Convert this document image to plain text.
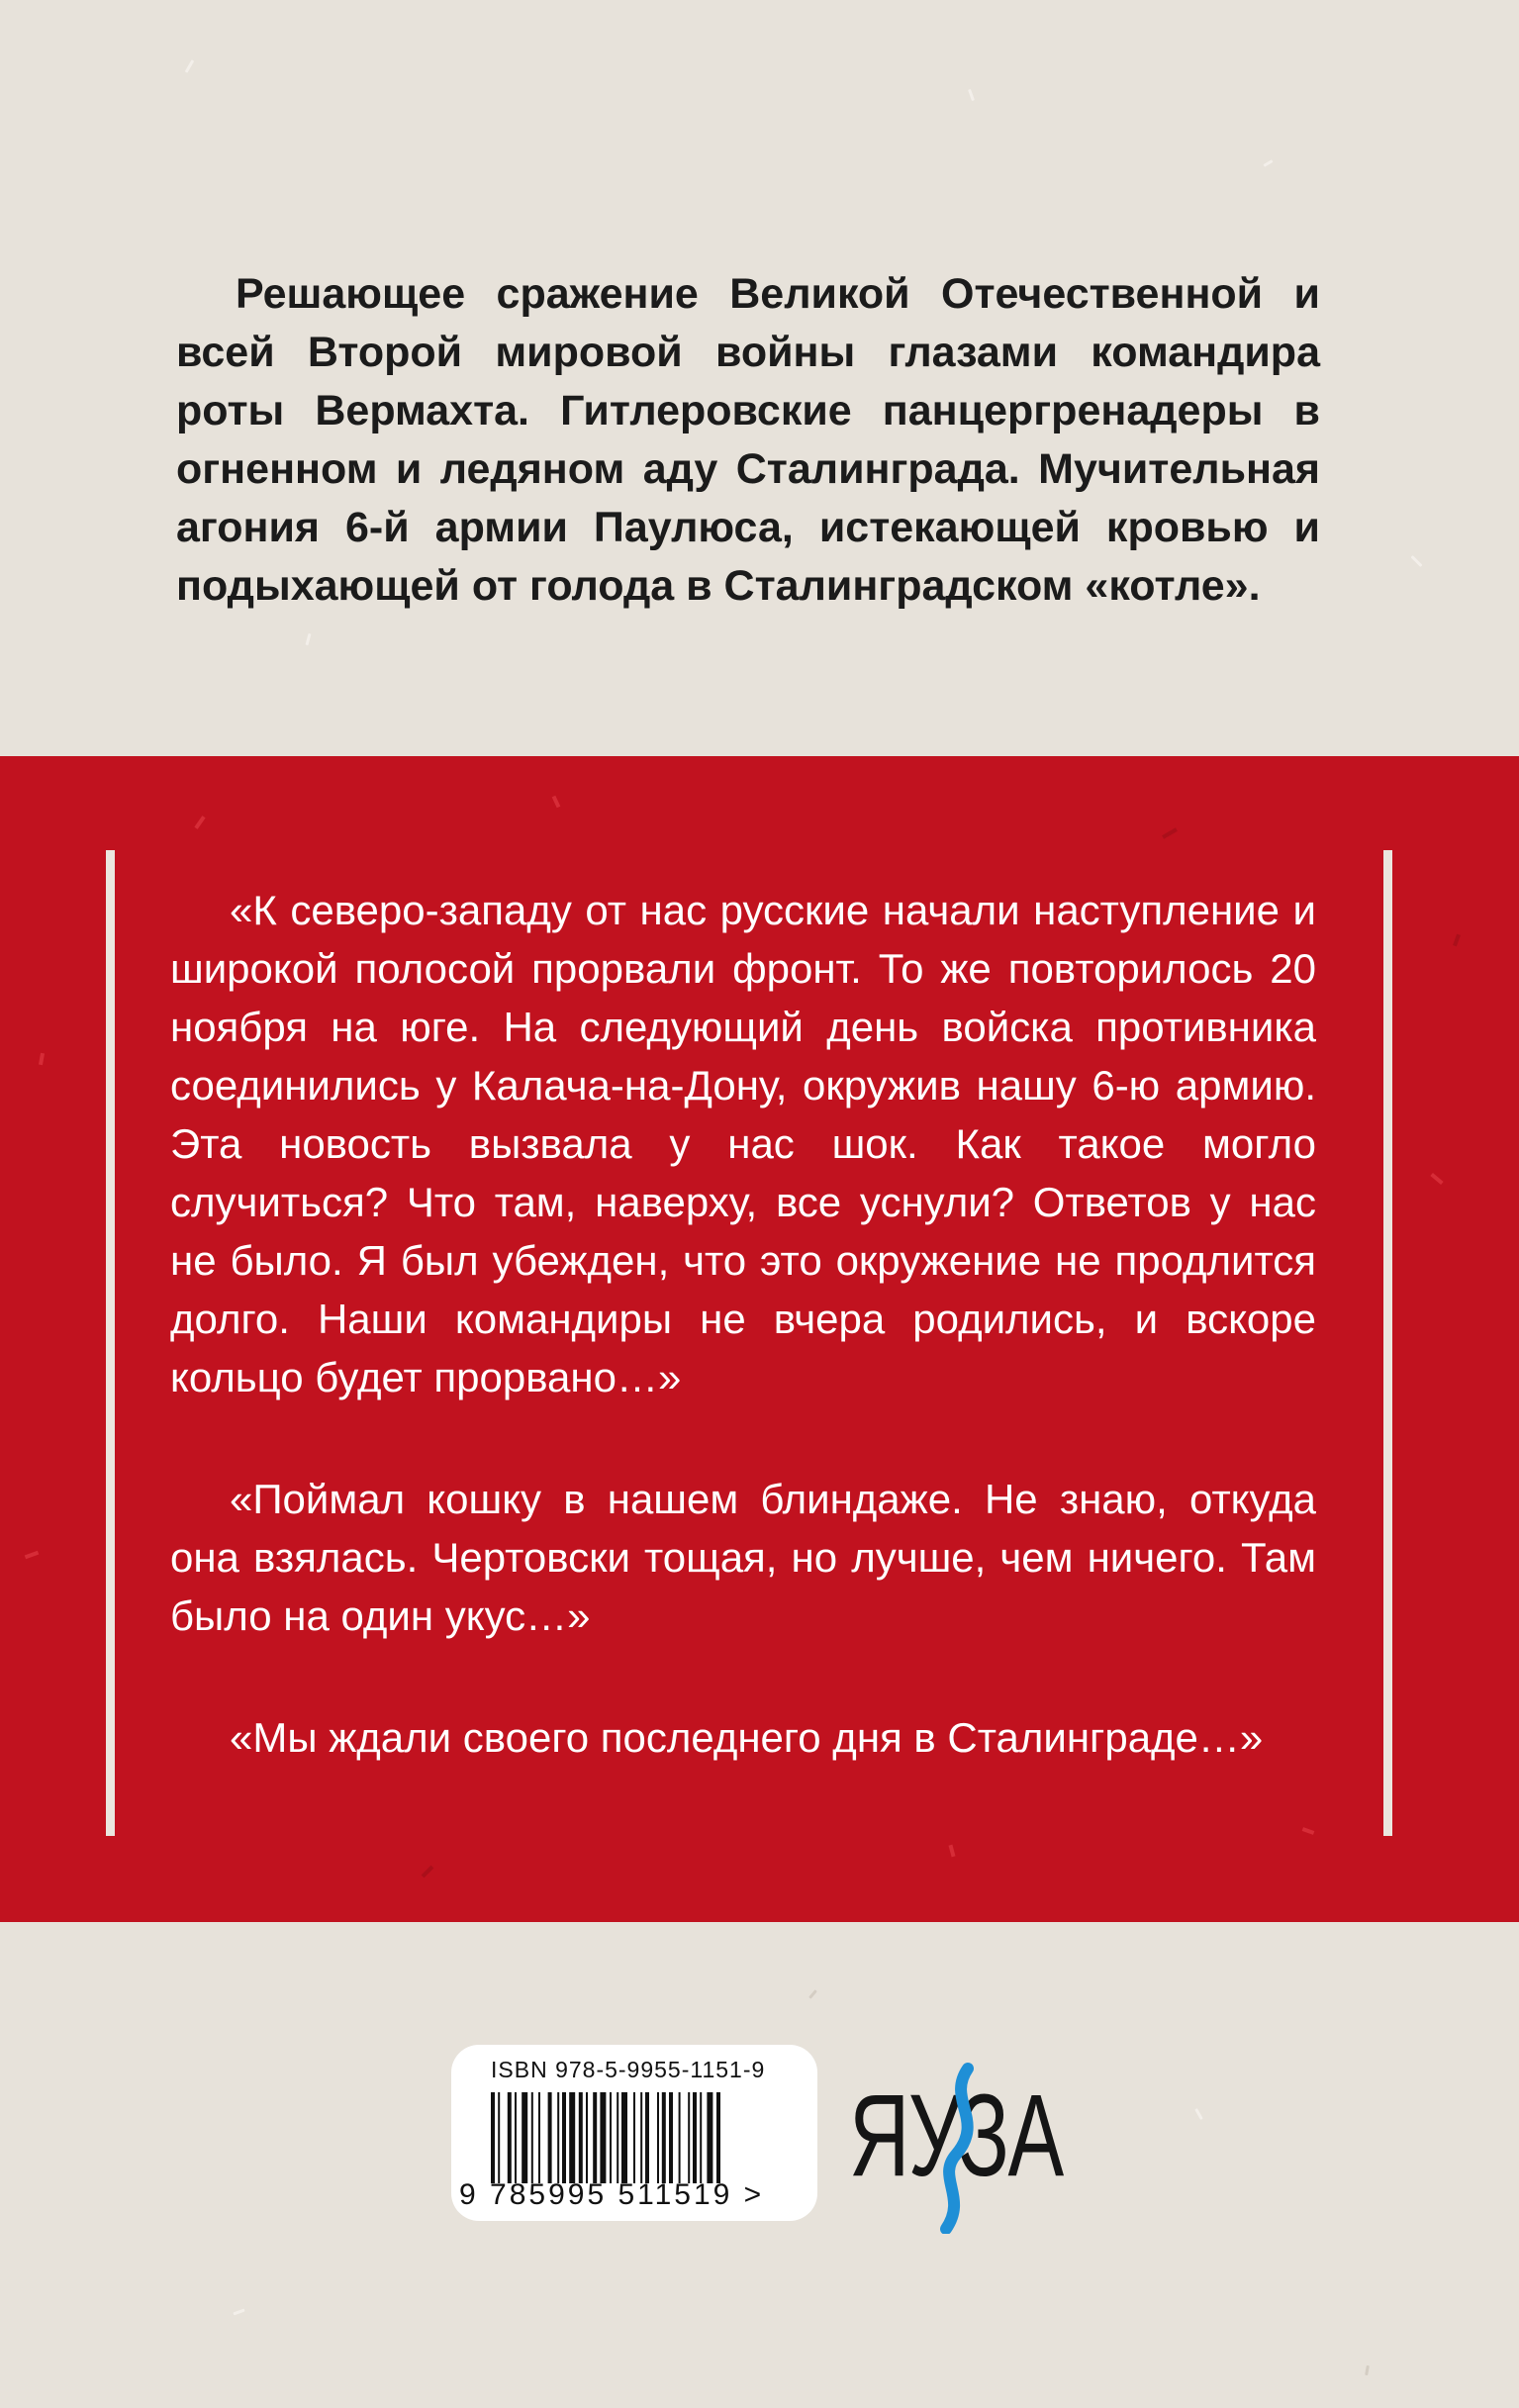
Решающее сражение Великой Отечественной и всей Второй мировой войны глазами командира роты Вермахта. Гитлеровские панцергренадеры в огненном и ледяном аду Сталинграда. Мучительная агония 6-й армии Паулюса, истекающей кровью и подыхающей от голода в Сталинградском «котле».

«К северо-западу от нас русские начали наступление и широкой полосой прорвали фронт. То же повторилось 20 ноября на юге. На следующий день войска противника соединились у Калача-на-Дону, окружив нашу 6-ю армию. Эта новость вызвала у нас шок. Как такое могло случиться? Что там, наверху, все уснули? Ответов у нас не было. Я был убежден, что это окружение не продлится долго. Наши командиры не вчера родились, и вскоре кольцо будет прорвано…»

«Поймал кошку в нашем блиндаже. Не знаю, откуда она взялась. Чертовски тощая, но лучше, чем ничего. Там было на один укус…»

«Мы ждали своего последнего дня в Сталинграде…»

ISBN 978-5-9955-1151-9
9 785995 511519 > ЯУЗА
